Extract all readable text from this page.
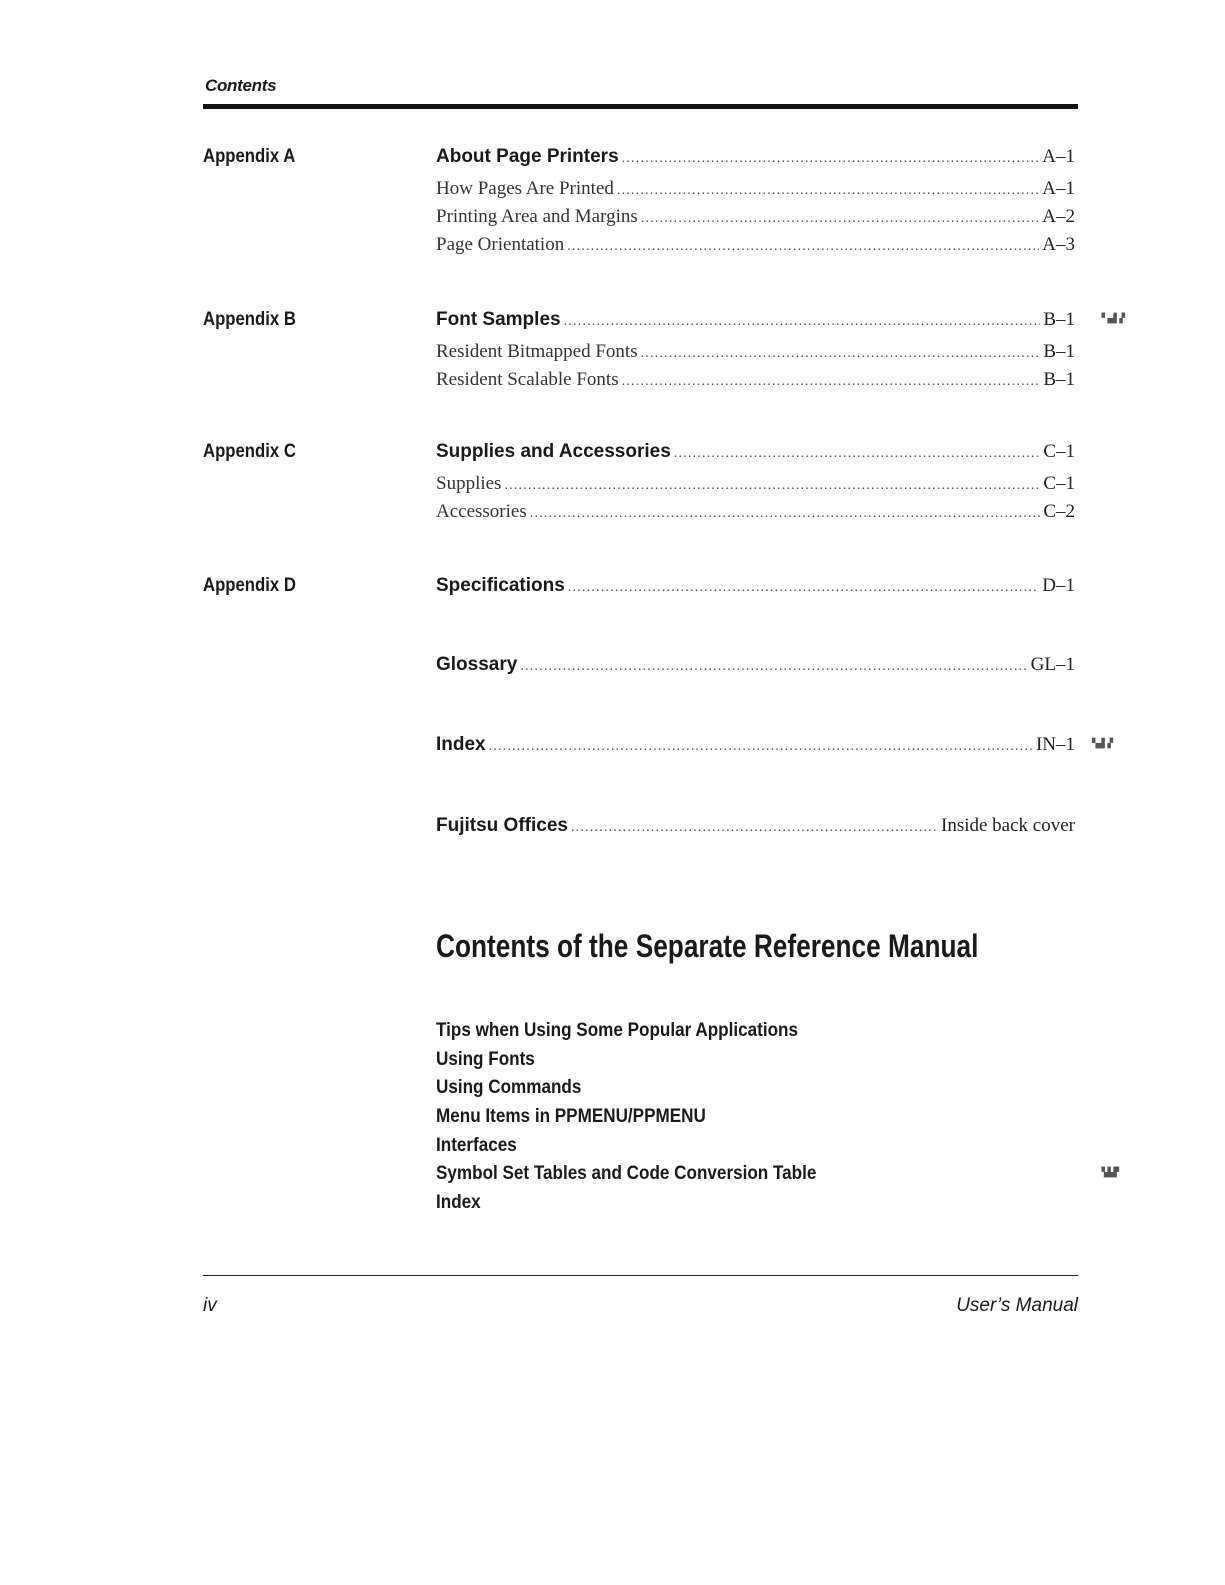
Contents
Appendix A	About Page Printers .....	A–1
How Pages Are Printed .....	A–1
Printing Area and Margins .....	A–2
Page Orientation .....	A–3
Appendix B	Font Samples .....	B–1
Resident Bitmapped Fonts .....	B–1
Resident Scalable Fonts .....	B–1
Appendix C	Supplies and Accessories .....	C–1
Supplies .....	C–1
Accessories .....	C–2
Appendix D	Specifications .....	D–1
Glossary .....	GL–1
Index .....	IN–1
Fujitsu Offices .....	Inside back cover
Contents of the Separate Reference Manual
Tips when Using Some Popular Applications
Using Fonts
Using Commands
Menu Items in PPMENU/PPMENU
Interfaces
Symbol Set Tables and Code Conversion Table
Index
▝▗▟▗▘
▚▟▗▘
▝▟▟▘
iv	User’s Manual
